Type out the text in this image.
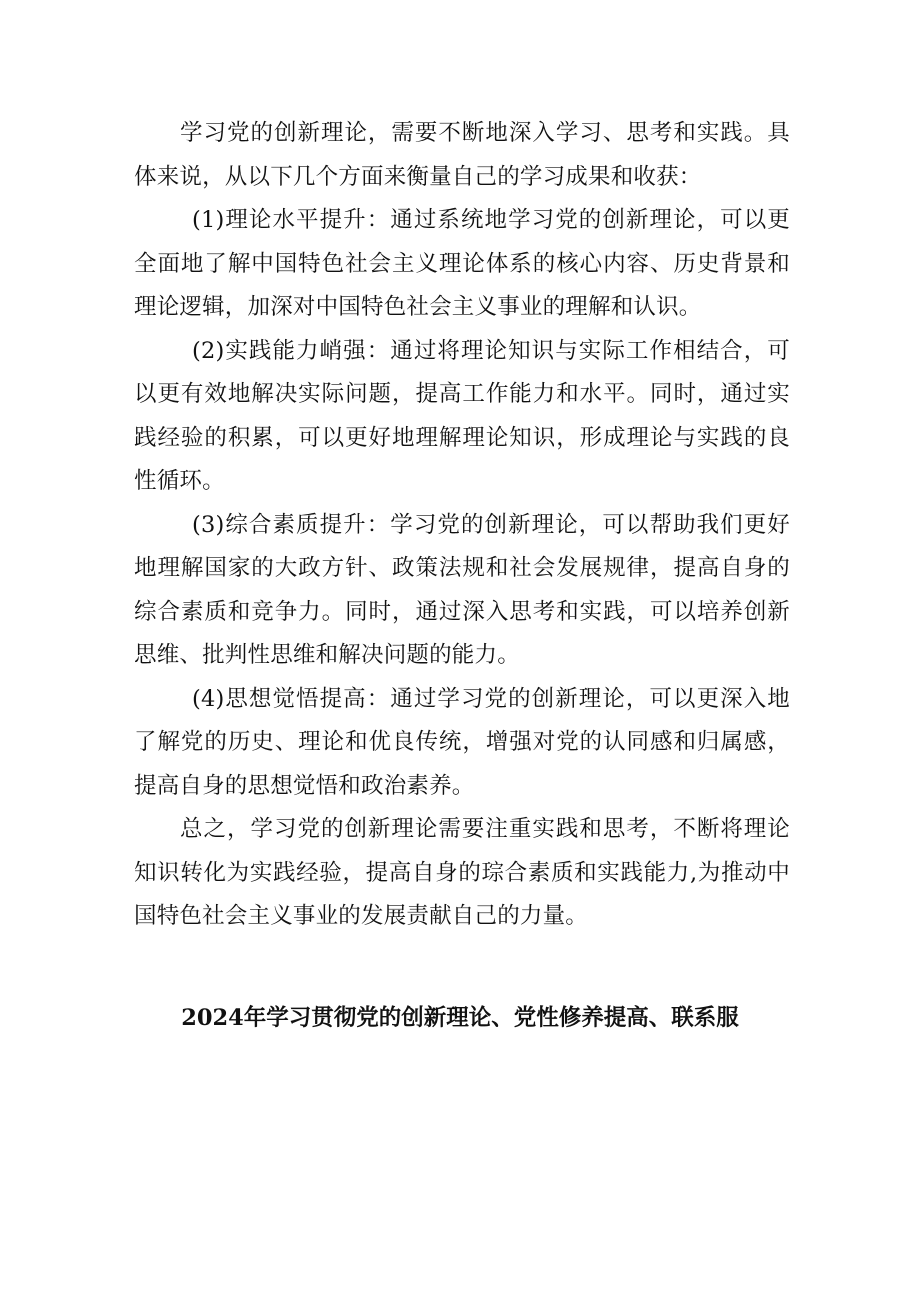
学习党的创新理论，需要不断地深入学习、思考和实践。具体来说，从以下几个方面来衡量自己的学习成果和收获：

(1)理论水平提升：通过系统地学习党的创新理论，可以更全面地了解中国特色社会主义理论体系的核心内容、历史背景和理论逻辑，加深对中国特色社会主义事业的理解和认识。

(2)实践能力峭强：通过将理论知识与实际工作相结合，可以更有效地解决实际问题，提高工作能力和水平。同时，通过实践经验的积累，可以更好地理解理论知识，形成理论与实践的良性循环。

(3)综合素质提升：学习党的创新理论，可以帮助我们更好地理解国家的大政方针、政策法规和社会发展规律，提高自身的综合素质和竞争力。同时，通过深入思考和实践，可以培养创新思维、批判性思维和解决问题的能力。

(4)思想觉悟提高：通过学习党的创新理论，可以更深入地了解党的历史、理论和优良传统，增强对党的认同感和归属感，提高自身的思想觉悟和政治素养。

总之，学习党的创新理论需要注重实践和思考，不断将理论知识转化为实践经验，提高自身的琮合素质和实践能力,为推动中国特色社会主义事业的发展责献自己的力量。

2024年学习贯彻党的创新理论、党性修养提高、联系服
